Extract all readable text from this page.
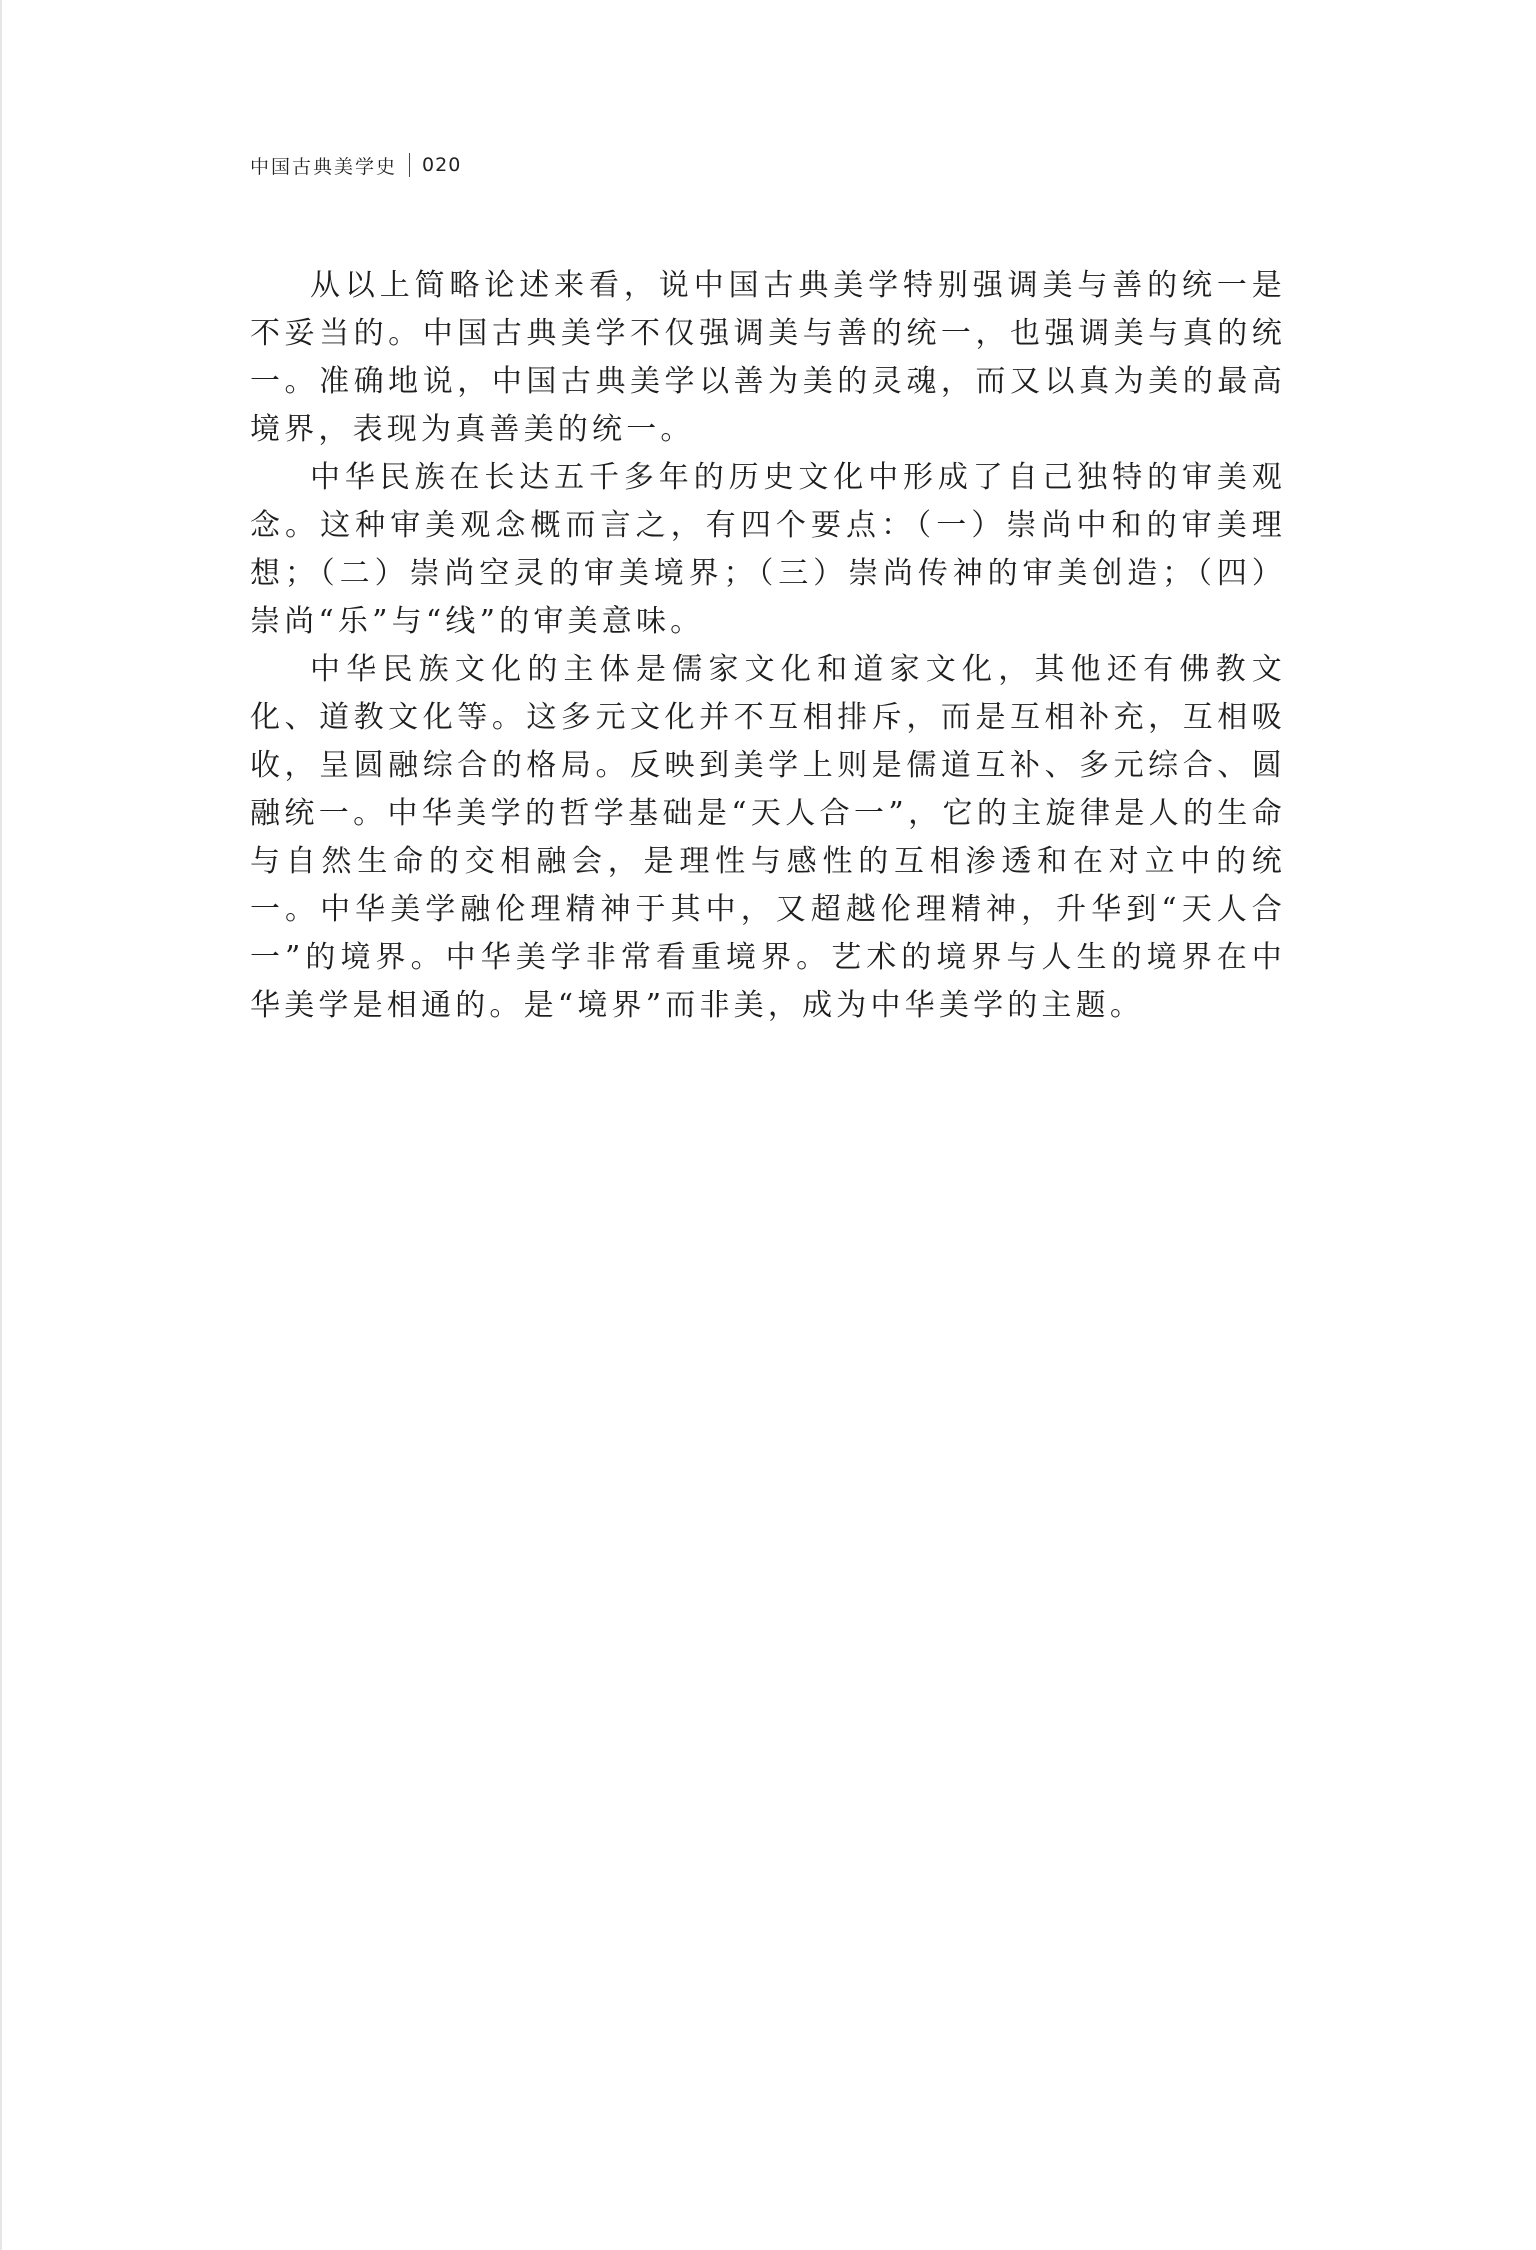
中国古典美学史 020

从以上简略论述来看，说中国古典美学特别强调美与善的统一是不妥当的。中国古典美学不仅强调美与善的统一，也强调美与真的统一。准确地说，中国古典美学以善为美的灵魂，而又以真为美的最高境界，表现为真善美的统一。

中华民族在长达五千多年的历史文化中形成了自己独特的审美观念。这种审美观念概而言之，有四个要点：（一）崇尚中和的审美理想；（二）崇尚空灵的审美境界；（三）崇尚传神的审美创造；（四）崇尚“乐”与“线”的审美意味。

中华民族文化的主体是儒家文化和道家文化，其他还有佛教文化、道教文化等。这多元文化并不互相排斥，而是互相补充，互相吸收，呈圆融综合的格局。反映到美学上则是儒道互补、多元综合、圆融统一。中华美学的哲学基础是“天人合一”，它的主旋律是人的生命与自然生命的交相融会，是理性与感性的互相渗透和在对立中的统一。中华美学融伦理精神于其中，又超越伦理精神，升华到“天人合一”的境界。中华美学非常看重境界。艺术的境界与人生的境界在中华美学是相通的。是“境界”而非美，成为中华美学的主题。
